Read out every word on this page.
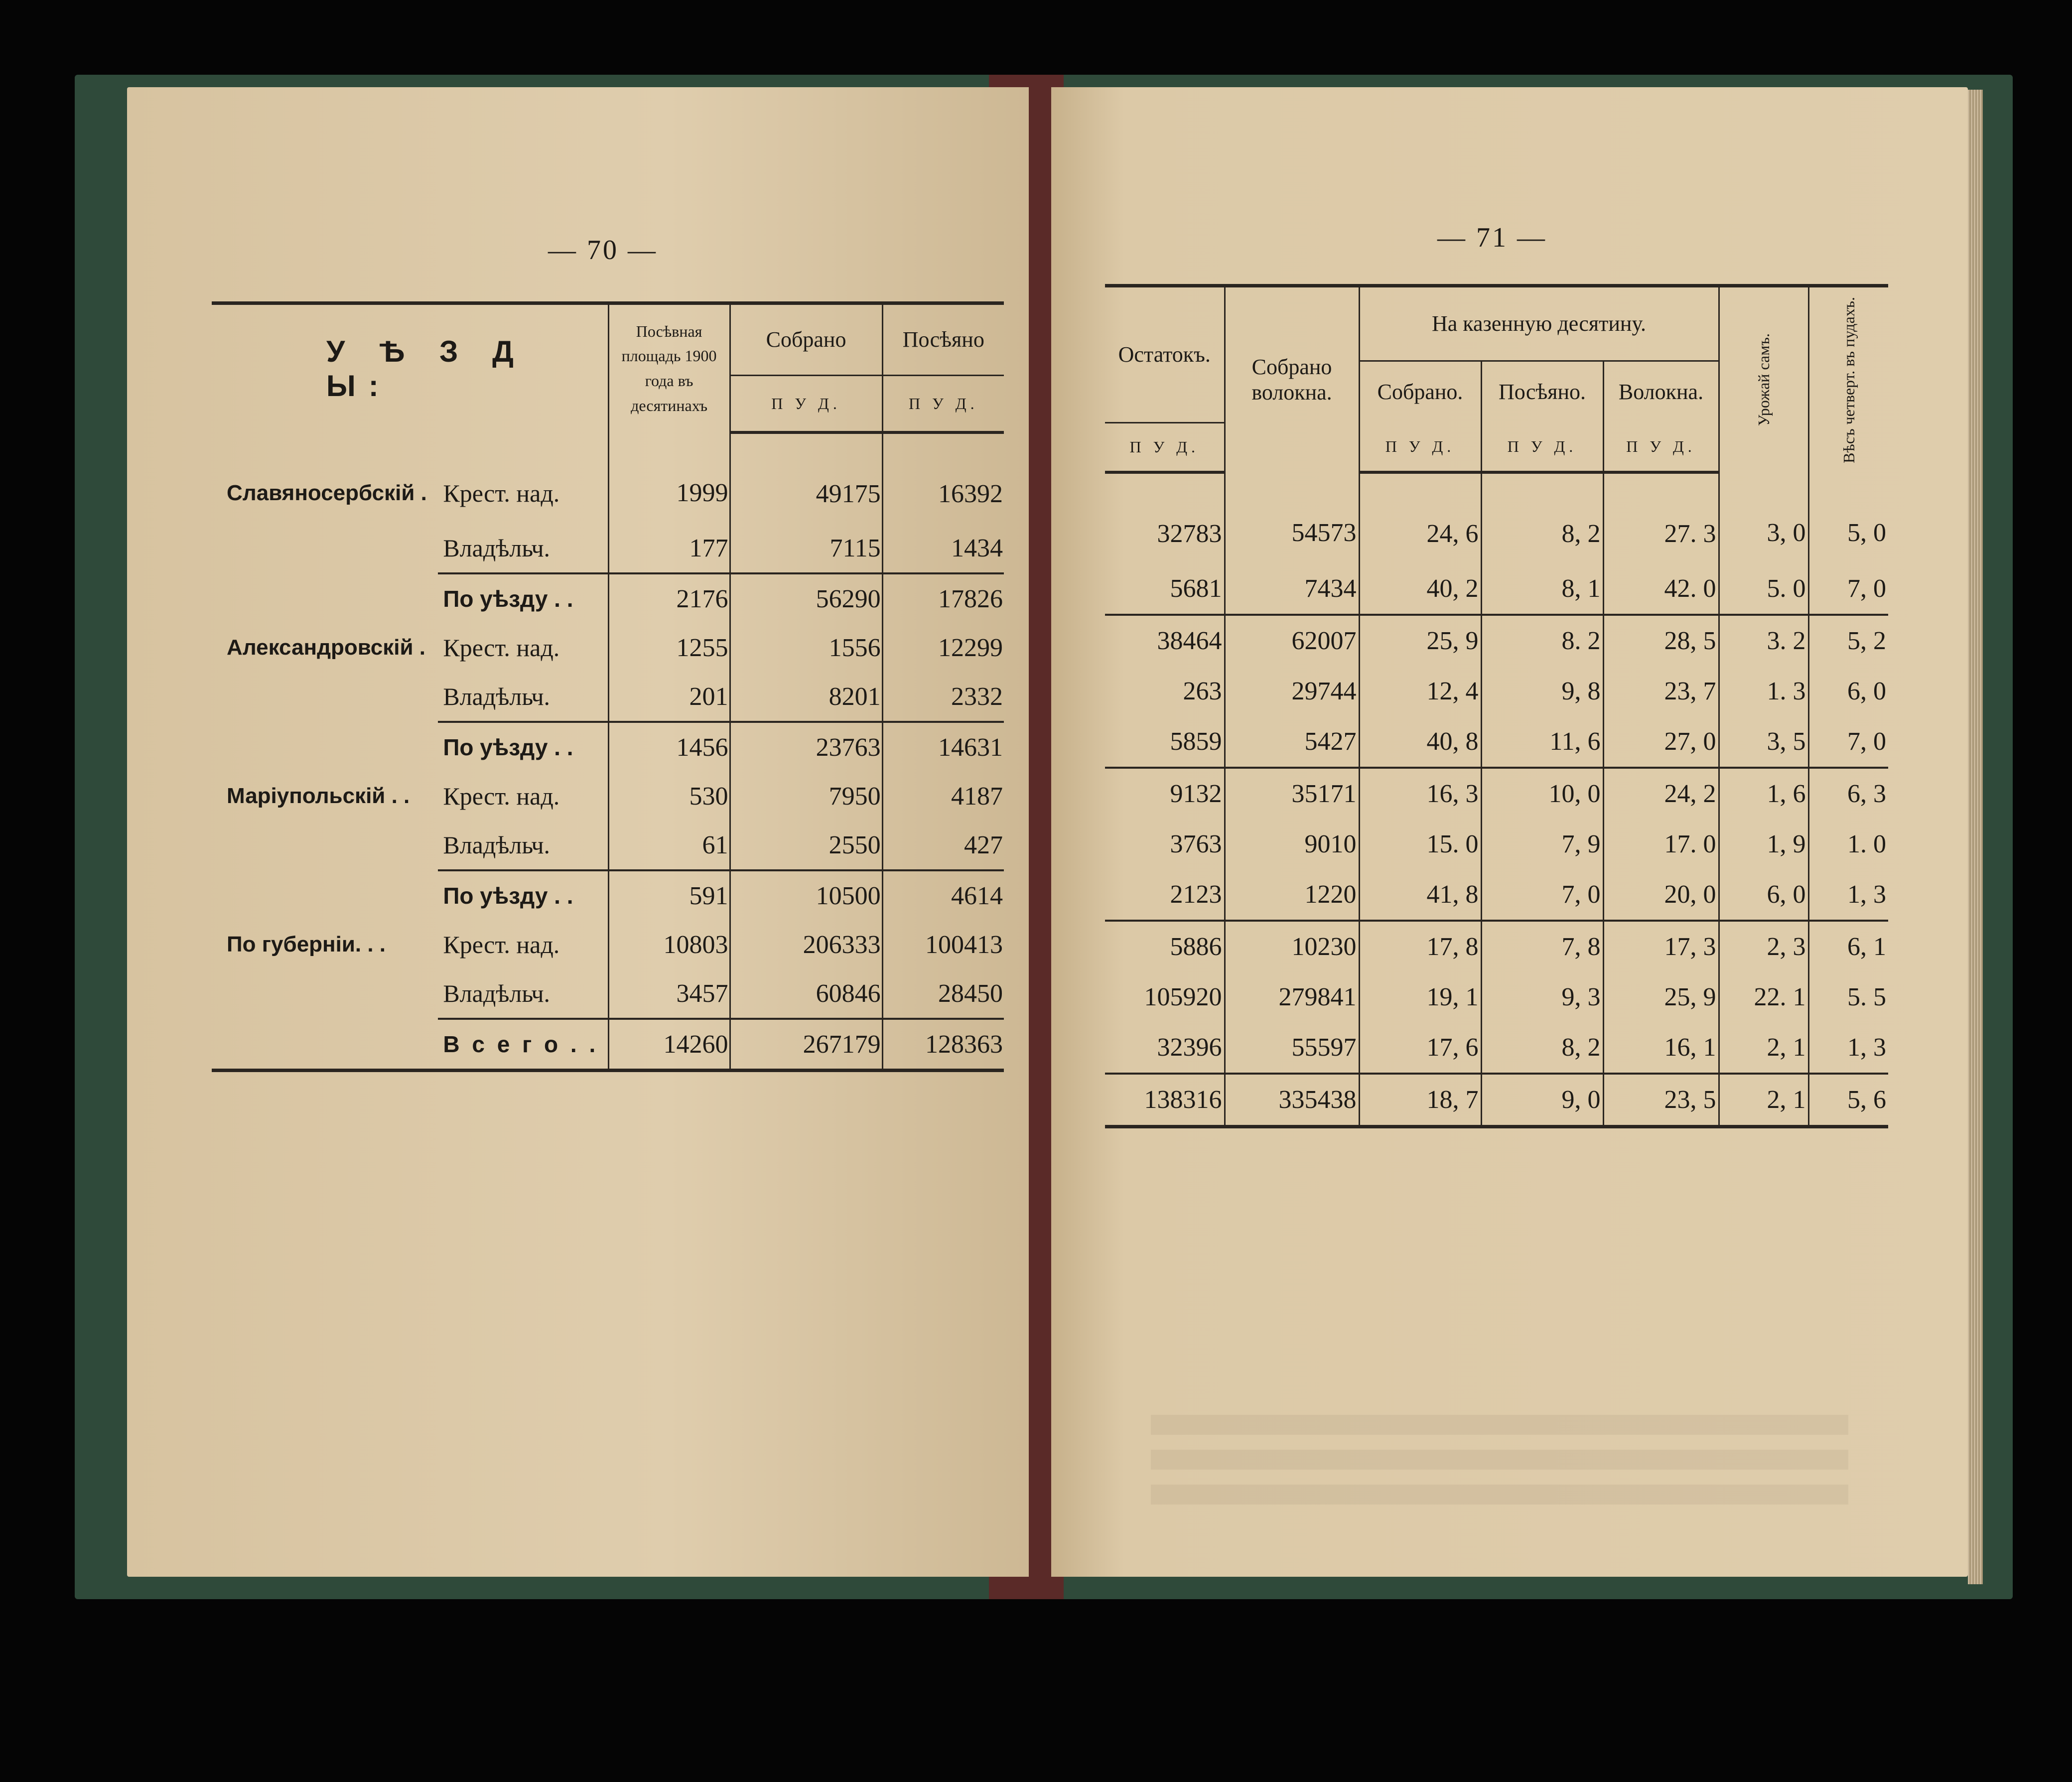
— 70 —	— 71 —
У Ѣ З Д Ы:		Посѣвная площадь 1900 года въ десятинахъ	Собрано	Посѣяно
			П У Д.	П У Д.
Славяносербскій .	Крест. над.	1999	49175	16392
	Владѣльч.	177	7115	1434
	По уѣзду . .	2176	56290	17826
Александровскій .	Крест. над.	1255	1556	12299
	Владѣльч.	201	8201	2332
	По уѣзду . .	1456	23763	14631
Маріупольскій . .	Крест. над.	530	7950	4187
	Владѣльч.	61	2550	427
	По уѣзду . .	591	10500	4614
По губерніи. . .	Крест. над.	10803	206333	100413
	Владѣльч.	3457	60846	28450
	В с е г о . .	14260	267179	128363
Остатокъ.	Собрано волокна.	На казенную десятину.			Урожай самъ.	Вѣсъ четверт. въ пудахъ.

		Собрано.	Посѣяно.	Волокна.		
П У Д.		П У Д.	П У Д.	П У Д.		
32783	54573	24, 6	8, 2	27. 3	3, 0	5, 0
5681	7434	40, 2	8, 1	42. 0	5. 0	7, 0
38464	62007	25, 9	8. 2	28, 5	3. 2	5, 2
263	29744	12, 4	9, 8	23, 7	1. 3	6, 0
5859	5427	40, 8	11, 6	27, 0	3, 5	7, 0
9132	35171	16, 3	10, 0	24, 2	1, 6	6, 3
3763	9010	15. 0	7, 9	17. 0	1, 9	1. 0
2123	1220	41, 8	7, 0	20, 0	6, 0	1, 3
5886	10230	17, 8	7, 8	17, 3	2, 3	6, 1
105920	279841	19, 1	9, 3	25, 9	22. 1	5. 5
32396	55597	17, 6	8, 2	16, 1	2, 1	1, 3
138316	335438	18, 7	9, 0	23, 5	2, 1	5, 6
